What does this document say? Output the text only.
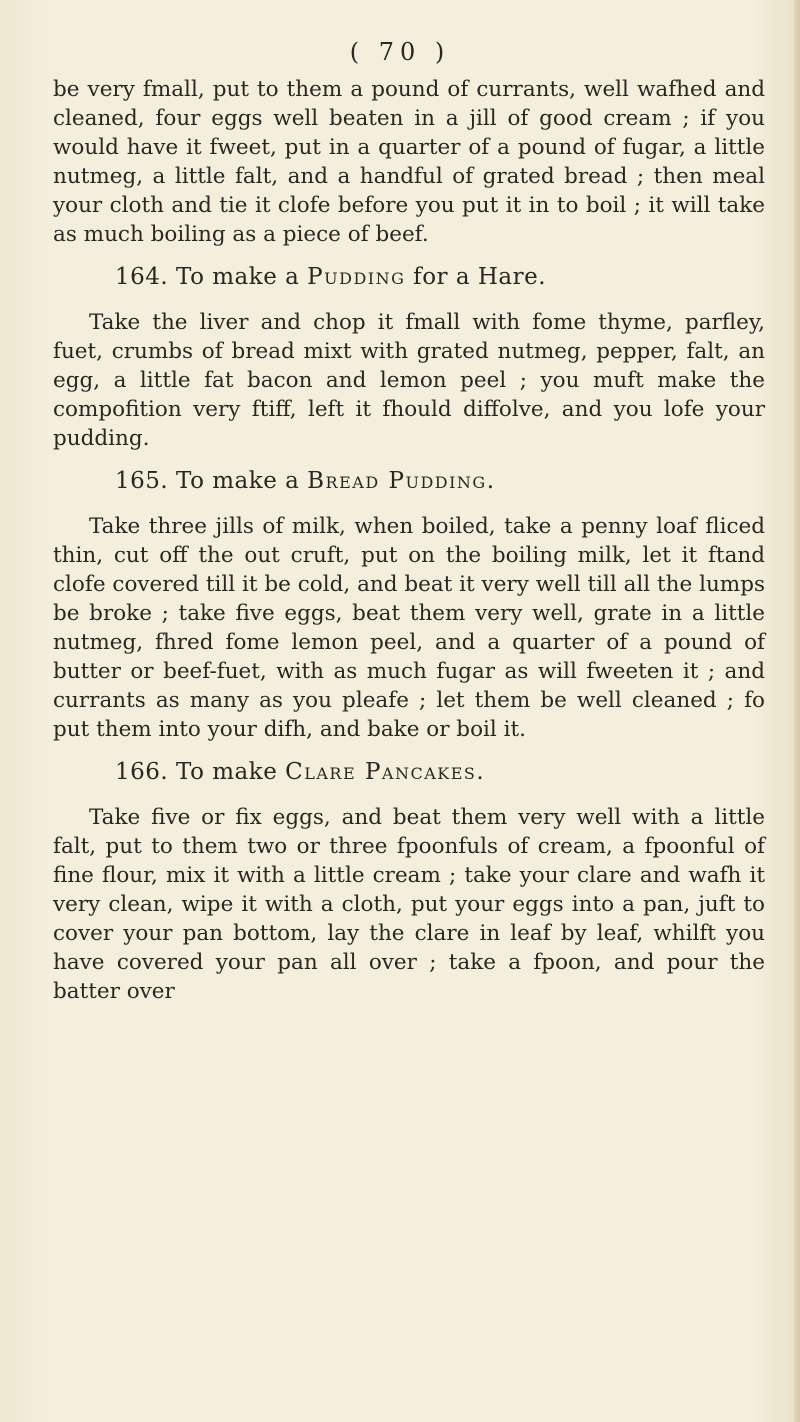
( 70 )

be very fmall, put to them a pound of currants, well wafhed and cleaned, four eggs well beaten in a jill of good cream ; if you would have it fweet, put in a quarter of a pound of fugar, a little nutmeg, a little falt, and a handful of grated bread ; then meal your cloth and tie it clofe before you put it in to boil ; it will take as much boiling as a piece of beef.

164. To make a Pudding for a Hare.

Take the liver and chop it fmall with fome thyme, parfley, fuet, crumbs of bread mixt with grated nutmeg, pepper, falt, an egg, a little fat bacon and lemon peel ; you muft make the compofition very ftiff, left it fhould diffolve, and you lofe your pudding.

165. To make a Bread Pudding.

Take three jills of milk, when boiled, take a penny loaf fliced thin, cut off the out cruft, put on the boiling milk, let it ftand clofe covered till it be cold, and beat it very well till all the lumps be broke ; take five eggs, beat them very well, grate in a little nutmeg, fhred fome lemon peel, and a quarter of a pound of butter or beef-fuet, with as much fugar as will fweeten it ; and currants as many as you pleafe ; let them be well cleaned ; fo put them into your difh, and bake or boil it.

166. To make Clare Pancakes.

Take five or fix eggs, and beat them very well with a little falt, put to them two or three fpoonfuls of cream, a fpoonful of fine flour, mix it with a little cream ; take your clare and wafh it very clean, wipe it with a cloth, put your eggs into a pan, juft to cover your pan bottom, lay the clare in leaf by leaf, whilft you have covered your pan all over ; take a fpoon, and pour the batter over
